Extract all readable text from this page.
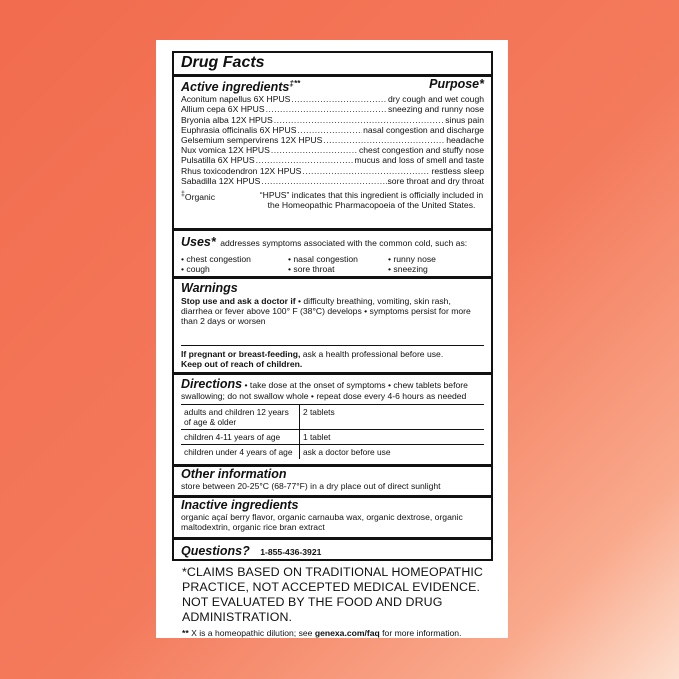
Drug Facts
Active ingredients‡**	Purpose*
Aconitum napellus 6X HPUS .....	dry cough and wet cough
Allium cepa 6X HPUS .....	sneezing and runny nose
Bryonia alba 12X HPUS .....	sinus pain
Euphrasia officinalis 6X HPUS .....	nasal congestion and discharge
Gelsemium sempervirens 12X HPUS .....	headache
Nux vomica 12X HPUS .....	chest congestion and stuffy nose
Pulsatilla 6X HPUS .....	mucus and loss of smell and taste
Rhus toxicodendron 12X HPUS .....	restless sleep
Sabadilla 12X HPUS .....	sore throat and dry throat
‡Organic	“HPUS” indicates that this ingredient is officially included in the Homeopathic Pharmacopoeia of the United States.
Uses* addresses symptoms associated with the common cold, such as:
• chest congestion	• nasal congestion	• runny nose
• cough	• sore throat	• sneezing
Warnings
Stop use and ask a doctor if • difficulty breathing, vomiting, skin rash, diarrhea or fever above 100° F (38°C) develops • symptoms persist for more than 2 days or worsen
If pregnant or breast-feeding, ask a health professional before use.
Keep out of reach of children.
Directions • take dose at the onset of symptoms • chew tablets before swallowing; do not swallow whole • repeat dose every 4-6 hours as needed
adults and children 12 years of age & older	2 tablets
children 4-11 years of age	1 tablet
children under 4 years of age	ask a doctor before use
Other information
store between 20-25°C (68-77°F) in a dry place out of direct sunlight
Inactive ingredients
organic açaí berry flavor, organic carnauba wax, organic dextrose, organic maltodextrin, organic rice bran extract
Questions? 1-855-436-3921
*CLAIMS BASED ON TRADITIONAL HOMEOPATHIC PRACTICE, NOT ACCEPTED MEDICAL EVIDENCE. NOT EVALUATED BY THE FOOD AND DRUG ADMINISTRATION.
** X is a homeopathic dilution; see genexa.com/faq for more information.
